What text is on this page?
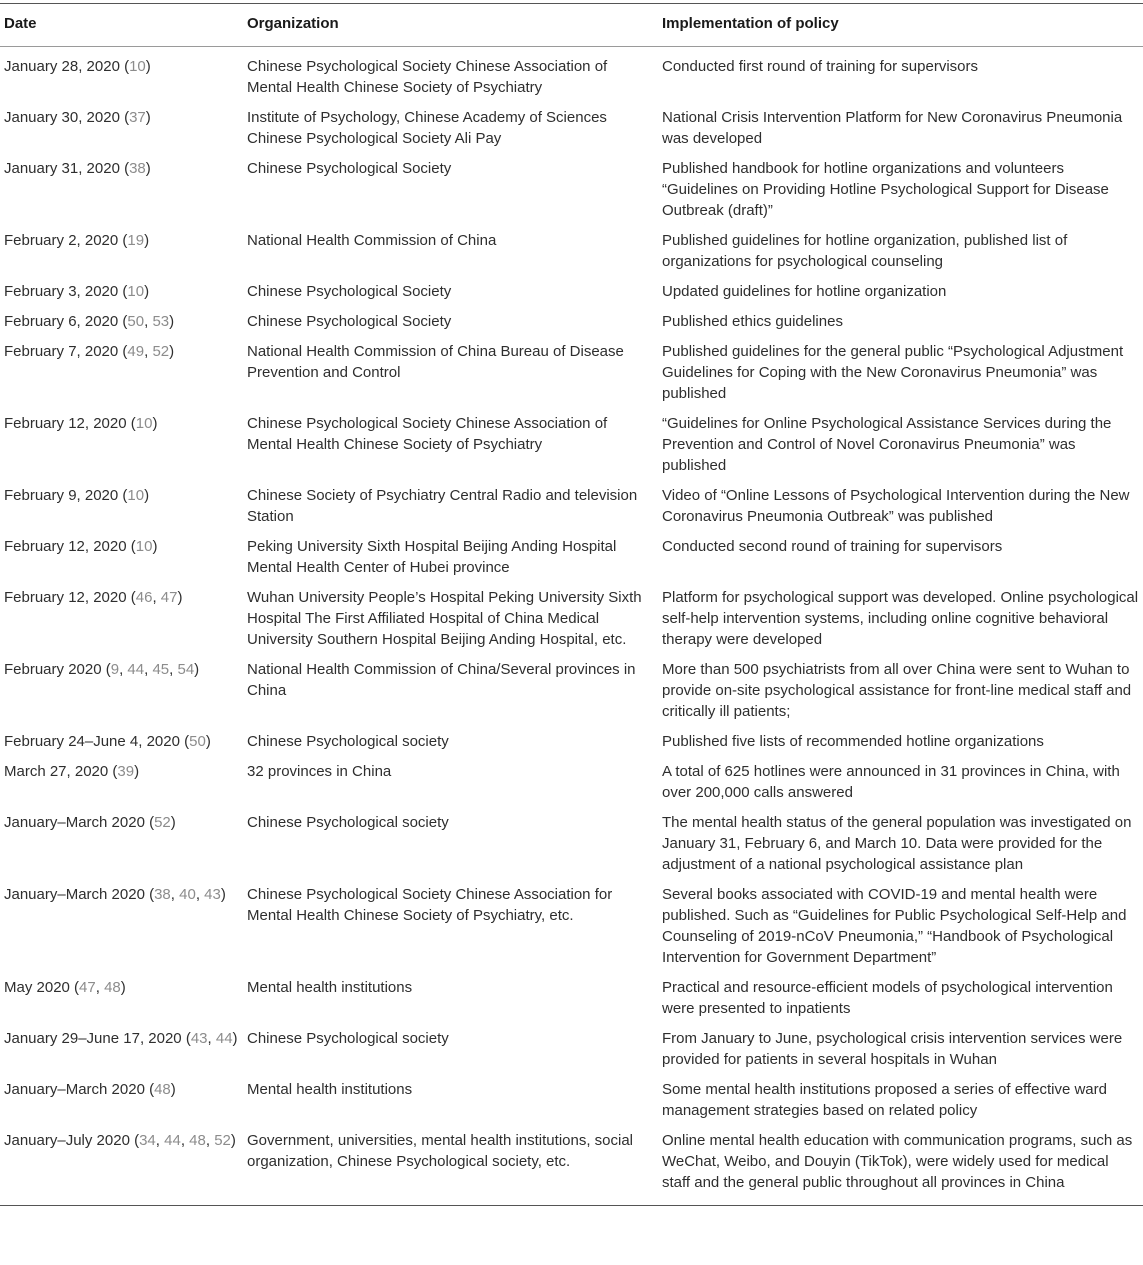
Date	Organization	Implementation of policy
January 28, 2020 (10)	Chinese Psychological Society Chinese Association of Mental Health Chinese Society of Psychiatry	Conducted first round of training for supervisors
January 30, 2020 (37)	Institute of Psychology, Chinese Academy of Sciences Chinese Psychological Society Ali Pay	National Crisis Intervention Platform for New Coronavirus Pneumonia was developed
January 31, 2020 (38)	Chinese Psychological Society	Published handbook for hotline organizations and volunteers “Guidelines on Providing Hotline Psychological Support for Disease Outbreak (draft)”
February 2, 2020 (19)	National Health Commission of China	Published guidelines for hotline organization, published list of organizations for psychological counseling
February 3, 2020 (10)	Chinese Psychological Society	Updated guidelines for hotline organization
February 6, 2020 (50, 53)	Chinese Psychological Society	Published ethics guidelines
February 7, 2020 (49, 52)	National Health Commission of China Bureau of Disease Prevention and Control	Published guidelines for the general public “Psychological Adjustment Guidelines for Coping with the New Coronavirus Pneumonia” was published
February 12, 2020 (10)	Chinese Psychological Society Chinese Association of Mental Health Chinese Society of Psychiatry	“Guidelines for Online Psychological Assistance Services during the Prevention and Control of Novel Coronavirus Pneumonia” was published
February 9, 2020 (10)	Chinese Society of Psychiatry Central Radio and television Station	Video of “Online Lessons of Psychological Intervention during the New Coronavirus Pneumonia Outbreak” was published
February 12, 2020 (10)	Peking University Sixth Hospital Beijing Anding Hospital Mental Health Center of Hubei province	Conducted second round of training for supervisors
February 12, 2020 (46, 47)	Wuhan University People’s Hospital Peking University Sixth Hospital The First Affiliated Hospital of China Medical University Southern Hospital Beijing Anding Hospital, etc.	Platform for psychological support was developed. Online psychological self-help intervention systems, including online cognitive behavioral therapy were developed
February 2020 (9, 44, 45, 54)	National Health Commission of China/Several provinces in China	More than 500 psychiatrists from all over China were sent to Wuhan to provide on-site psychological assistance for front-line medical staff and critically ill patients;
February 24–June 4, 2020 (50)	Chinese Psychological society	Published five lists of recommended hotline organizations
March 27, 2020 (39)	32 provinces in China	A total of 625 hotlines were announced in 31 provinces in China, with over 200,000 calls answered
January–March 2020 (52)	Chinese Psychological society	The mental health status of the general population was investigated on January 31, February 6, and March 10. Data were provided for the adjustment of a national psychological assistance plan
January–March 2020 (38, 40, 43)	Chinese Psychological Society Chinese Association for Mental Health Chinese Society of Psychiatry, etc.	Several books associated with COVID-19 and mental health were published. Such as “Guidelines for Public Psychological Self-Help and Counseling of 2019-nCoV Pneumonia,” “Handbook of Psychological Intervention for Government Department”
May 2020 (47, 48)	Mental health institutions	Practical and resource-efficient models of psychological intervention were presented to inpatients
January 29–June 17, 2020 (43, 44)	Chinese Psychological society	From January to June, psychological crisis intervention services were provided for patients in several hospitals in Wuhan
January–March 2020 (48)	Mental health institutions	Some mental health institutions proposed a series of effective ward management strategies based on related policy
January–July 2020 (34, 44, 48, 52)	Government, universities, mental health institutions, social organization, Chinese Psychological society, etc.	Online mental health education with communication programs, such as WeChat, Weibo, and Douyin (TikTok), were widely used for medical staff and the general public throughout all provinces in China
